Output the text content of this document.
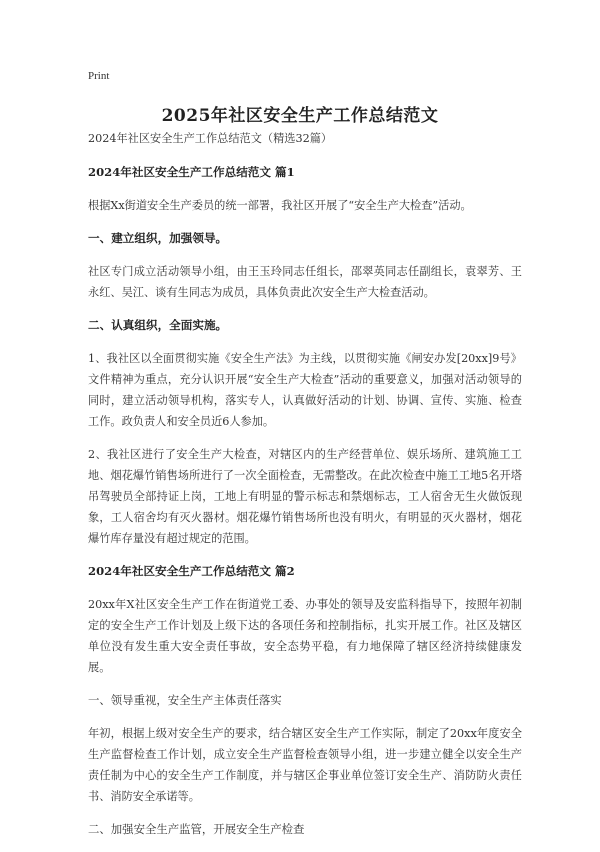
Print
2025年社区安全生产工作总结范文
2024年社区安全生产工作总结范文（精选32篇）
2024年社区安全生产工作总结范文 篇1
根据Xx街道安全生产委员的统一部署，我社区开展了“安全生产大检查”活动。
一、建立组织，加强领导。
社区专门成立活动领导小组，由王玉玲同志任组长，邵翠英同志任副组长，袁翠芳、王永红、吴江、谈有生同志为成员，具体负责此次安全生产大检查活动。
二、认真组织，全面实施。
1、我社区以全面贯彻实施《安全生产法》为主线，以贯彻实施《闸安办发[20xx]9号》文件精神为重点，充分认识开展“安全生产大检查”活动的重要意义，加强对活动领导的同时，建立活动领导机构，落实专人，认真做好活动的计划、协调、宣传、实施、检查工作。政负责人和安全员近6人参加。
2、我社区进行了安全生产大检查，对辖区内的生产经营单位、娱乐场所、建筑施工工地、烟花爆竹销售场所进行了一次全面检查，无需整改。在此次检查中施工工地5名开塔吊驾驶员全部持证上岗，工地上有明显的警示标志和禁烟标志，工人宿舍无生火做饭现象，工人宿舍均有灭火器材。烟花爆竹销售场所也没有明火，有明显的灭火器材，烟花爆竹库存量没有超过规定的范围。
2024年社区安全生产工作总结范文 篇2
20xx年X社区安全生产工作在街道党工委、办事处的领导及安监科指导下，按照年初制定的安全生产工作计划及上级下达的各项任务和控制指标，扎实开展工作。社区及辖区单位没有发生重大安全责任事故，安全态势平稳，有力地保障了辖区经济持续健康发展。
一、领导重视，安全生产主体责任落实
年初，根据上级对安全生产的要求，结合辖区安全生产工作实际，制定了20xx年度安全生产监督检查工作计划，成立安全生产监督检查领导小组，进一步建立健全以安全生产责任制为中心的安全生产工作制度，并与辖区企事业单位签订安全生产、消防防火责任书、消防安全承诺等。
二、加强安全生产监管，开展安全生产检查
